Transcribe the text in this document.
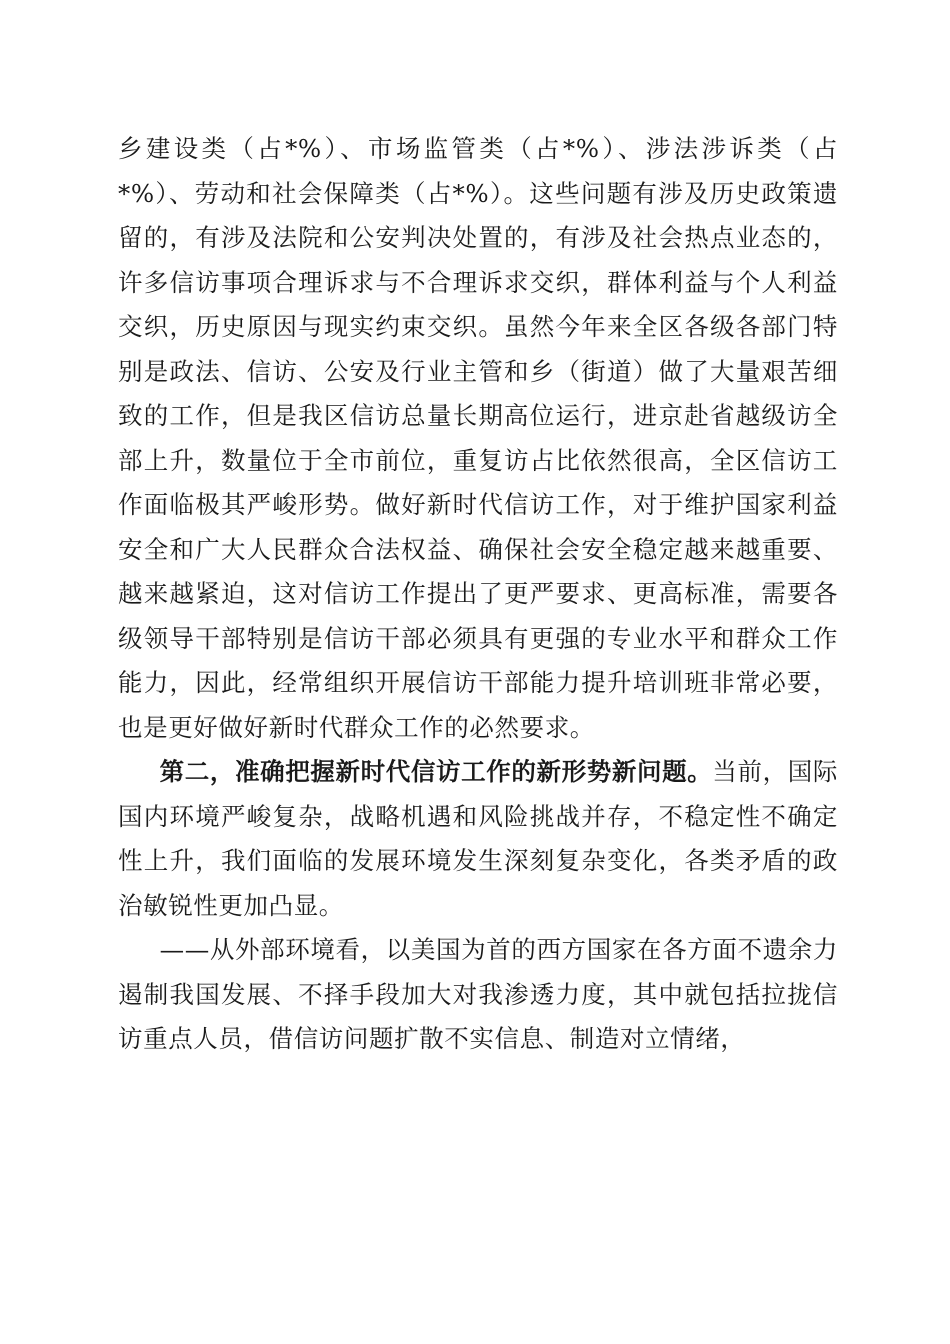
乡建设类（占*%）、市场监管类（占*%）、涉法涉诉类（占*%）、劳动和社会保障类（占*%）。这些问题有涉及历史政策遗留的，有涉及法院和公安判决处置的，有涉及社会热点业态的，许多信访事项合理诉求与不合理诉求交织，群体利益与个人利益交织，历史原因与现实约束交织。虽然今年来全区各级各部门特别是政法、信访、公安及行业主管和乡（街道）做了大量艰苦细致的工作，但是我区信访总量长期高位运行，进京赴省越级访全部上升，数量位于全市前位，重复访占比依然很高，全区信访工作面临极其严峻形势。做好新时代信访工作，对于维护国家利益安全和广大人民群众合法权益、确保社会安全稳定越来越重要、越来越紧迫，这对信访工作提出了更严要求、更高标准，需要各级领导干部特别是信访干部必须具有更强的专业水平和群众工作能力，因此，经常组织开展信访干部能力提升培训班非常必要，也是更好做好新时代群众工作的必然要求。

第二，准确把握新时代信访工作的新形势新问题。当前，国际国内环境严峻复杂，战略机遇和风险挑战并存，不稳定性不确定性上升，我们面临的发展环境发生深刻复杂变化，各类矛盾的政治敏锐性更加凸显。

——从外部环境看，以美国为首的西方国家在各方面不遗余力遏制我国发展、不择手段加大对我渗透力度，其中就包括拉拢信访重点人员，借信访问题扩散不实信息、制造对立情绪，
